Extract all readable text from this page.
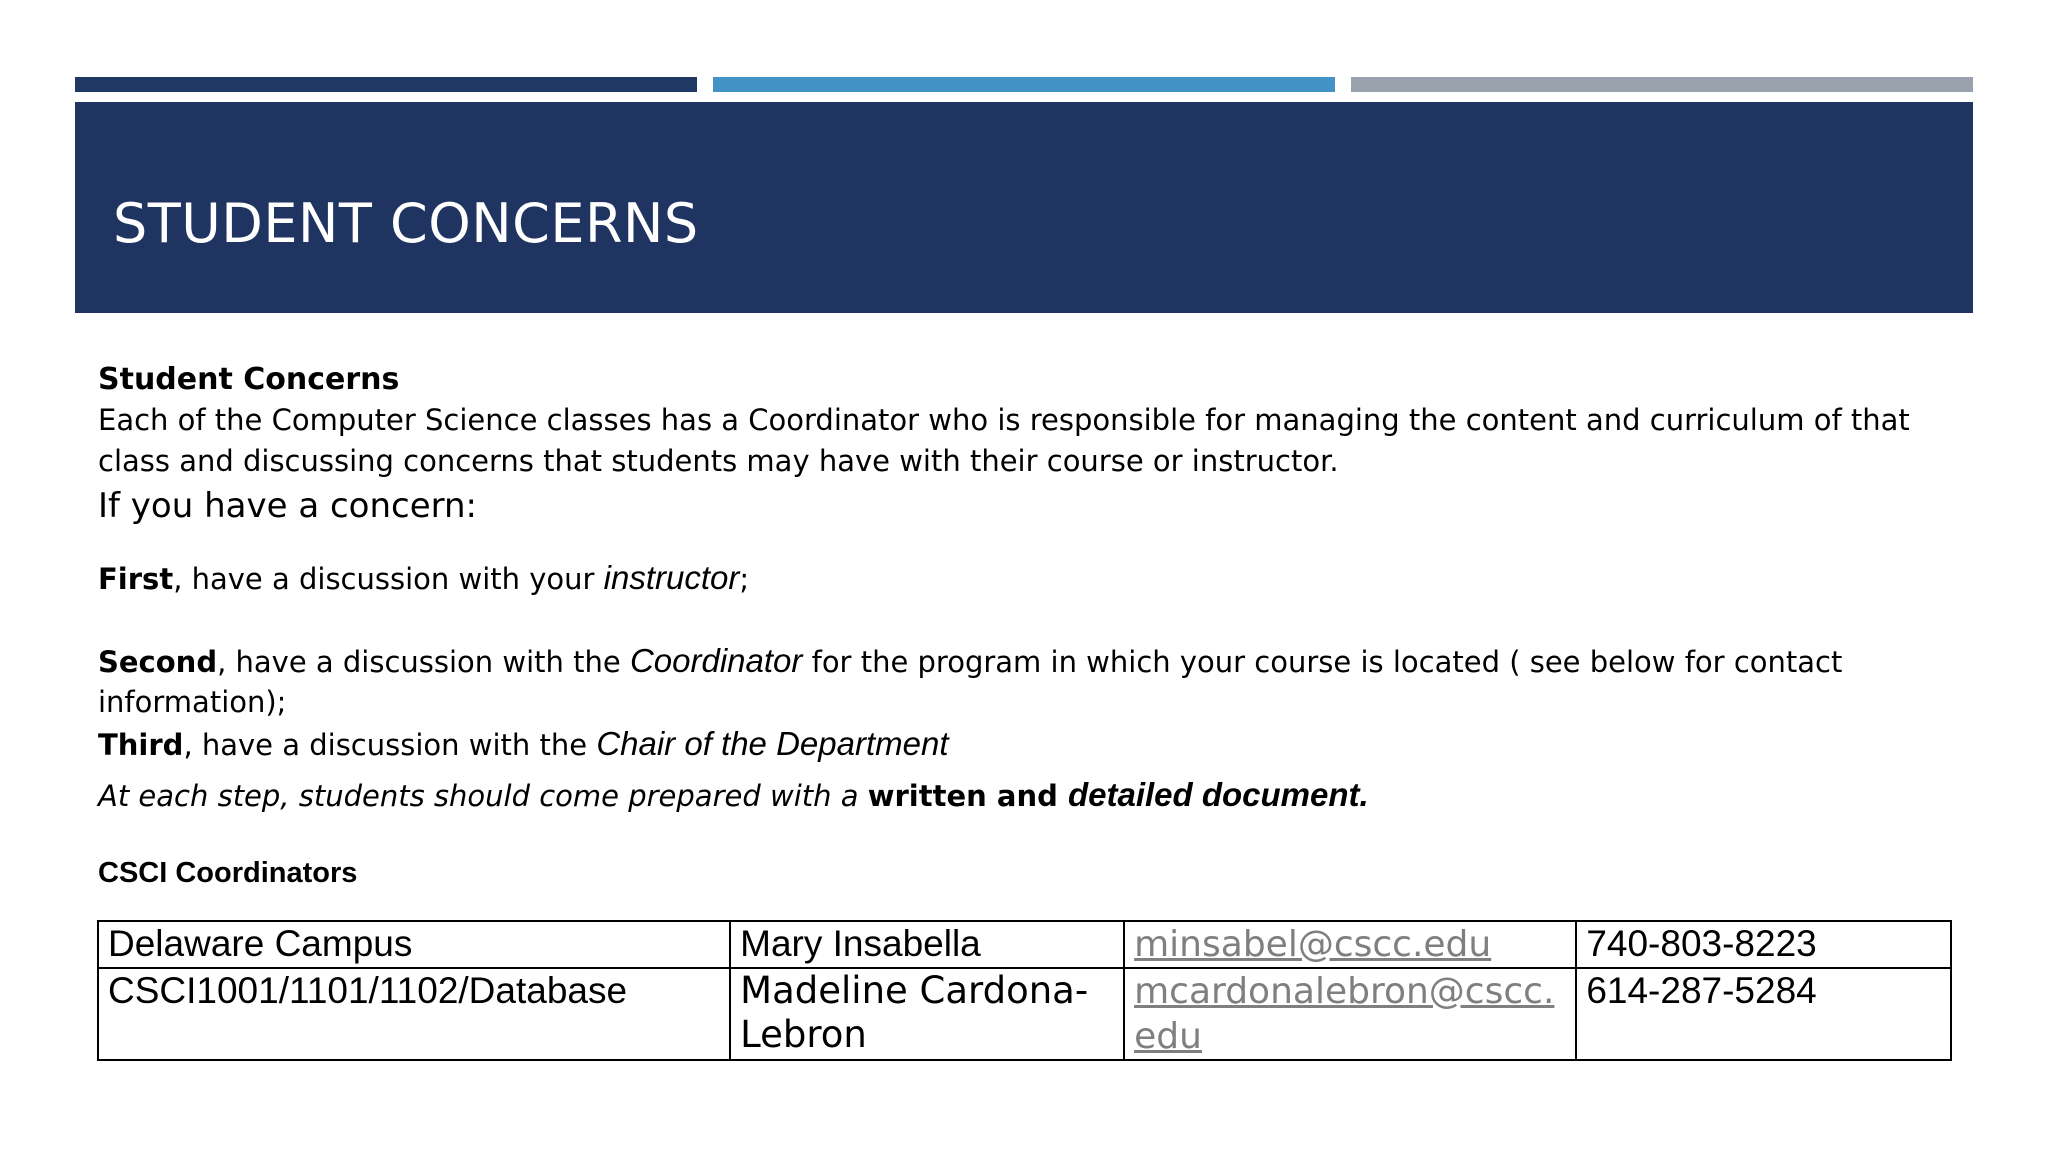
STUDENT CONCERNS
Student Concerns
Each of the Computer Science classes has a Coordinator who is responsible for managing the content and curriculum of that class and discussing concerns that students may have with their course or instructor.
If you have a concern:
First, have a discussion with your instructor;
Second, have a discussion with the Coordinator for the program in which your course is located ( see below for contact information);
Third, have a discussion with the Chair of the Department
At each step, students should come prepared with a written and detailed document.
CSCI Coordinators
Delaware Campus	Mary Insabella	minsabel@cscc.edu	740-803-8223
CSCI1001/1101/1102/Database	Madeline Cardona-Lebron	mcardonalebron@cscc.edu	614-287-5284
